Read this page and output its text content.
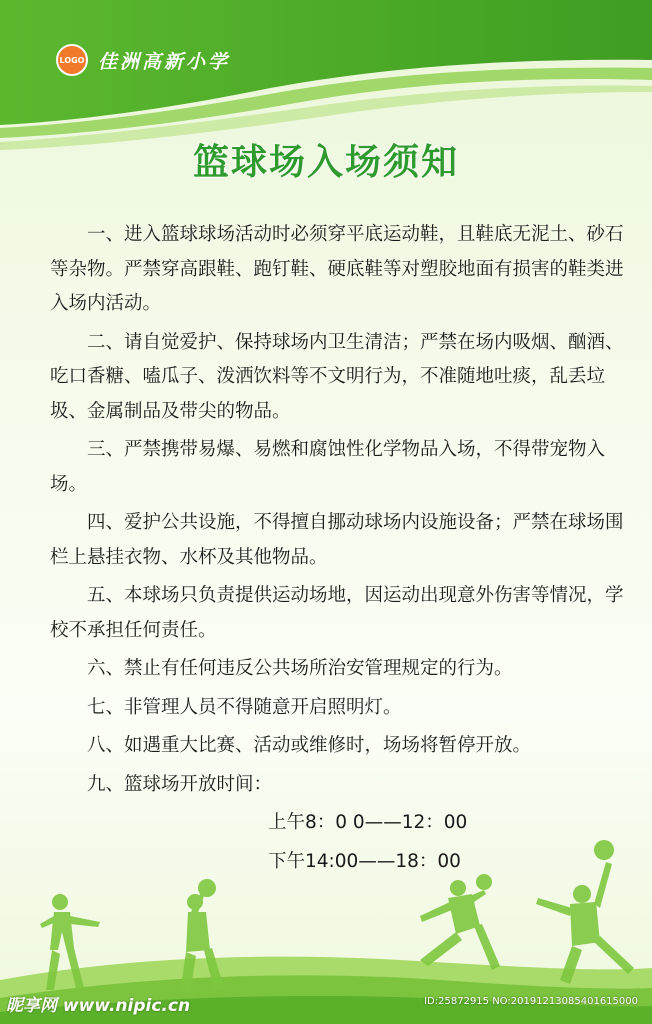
LOGO 佳洲高新小学
篮球场入场须知

一、进入篮球球场活动时必须穿平底运动鞋，且鞋底无泥土、砂石等杂物。严禁穿高跟鞋、跑钉鞋、硬底鞋等对塑胶地面有损害的鞋类进入场内活动。

二、请自觉爱护、保持球场内卫生清洁；严禁在场内吸烟、酗酒、吃口香糖、嗑瓜子、泼洒饮料等不文明行为，不准随地吐痰，乱丢垃圾、金属制品及带尖的物品。

三、严禁携带易爆、易燃和腐蚀性化学物品入场，不得带宠物入场。

四、爱护公共设施，不得擅自挪动球场内设施设备；严禁在球场围栏上悬挂衣物、水杯及其他物品。

五、本球场只负责提供运动场地，因运动出现意外伤害等情况，学校不承担任何责任。

六、禁止有任何违反公共场所治安管理规定的行为。

七、非管理人员不得随意开启照明灯。

八、如遇重大比赛、活动或维修时，场场将暂停开放。

九、篮球场开放时间：

上午8：0 0——12：00

下午14:00——18：00

昵享网 www.nipic.cn	ID:25872915 NO:20191213085401615000
